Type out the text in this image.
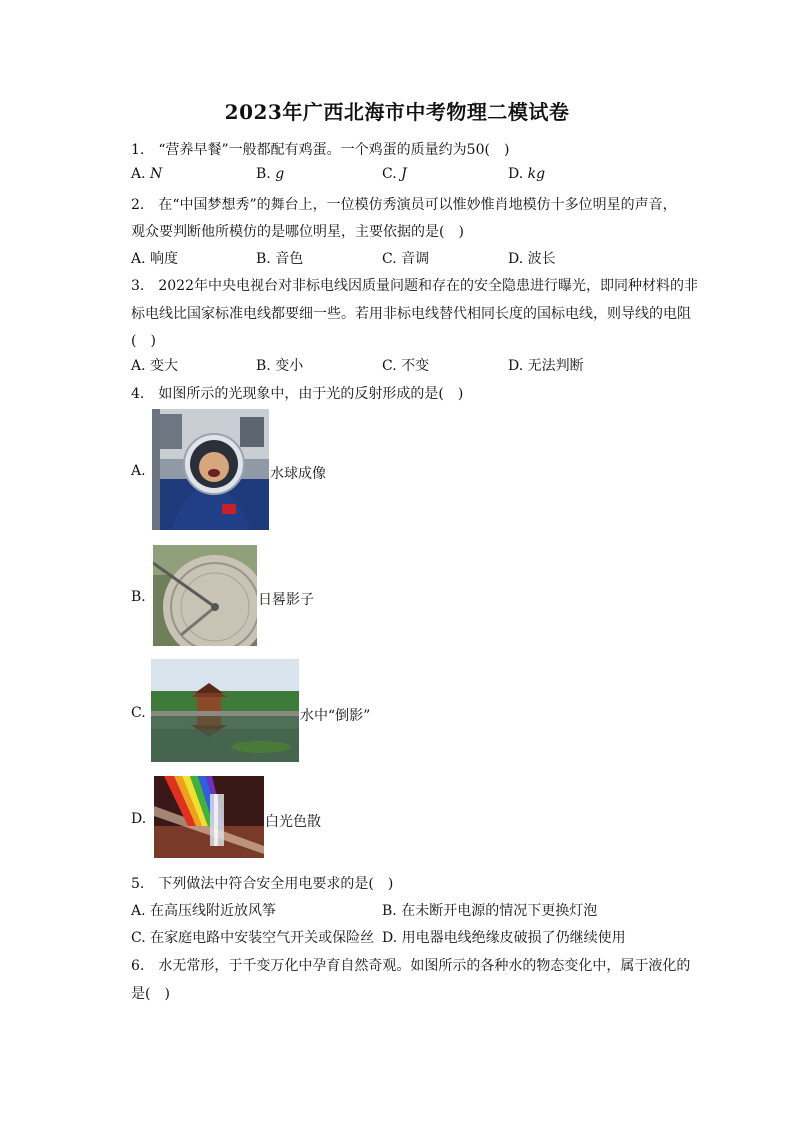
2023年广西北海市中考物理二模试卷
1.　“营养早餐”一般都配有鸡蛋。一个鸡蛋的质量约为50(　)
A. N	B. g	C. J	D. kg
2.　在“中国梦想秀”的舞台上，一位模仿秀演员可以惟妙惟肖地模仿十多位明星的声音，
观众要判断他所模仿的是哪位明星，主要依据的是(　)
A. 响度	B. 音色	C. 音调	D. 波长
3.　2022年中央电视台对非标电线因质量问题和存在的安全隐患进行曝光，即同种材料的非
标电线比国家标准电线都要细一些。若用非标电线替代相同长度的国标电线，则导线的电阻
(　)
A. 变大	B. 变小	C. 不变	D. 无法判断
4.　如图所示的光现象中，由于光的反射形成的是(　)
A.	水球成像
B.	日晷影子
C.	水中“倒影”
D.	白光色散
5.　下列做法中符合安全用电要求的是(　)
A. 在高压线附近放风筝	B. 在未断开电源的情况下更换灯泡
C. 在家庭电路中安装空气开关或保险丝 D. 用电器电线绝缘皮破损了仍继续使用
6.　水无常形，于千变万化中孕育自然奇观。如图所示的各种水的物态变化中，属于液化的
是(　)
